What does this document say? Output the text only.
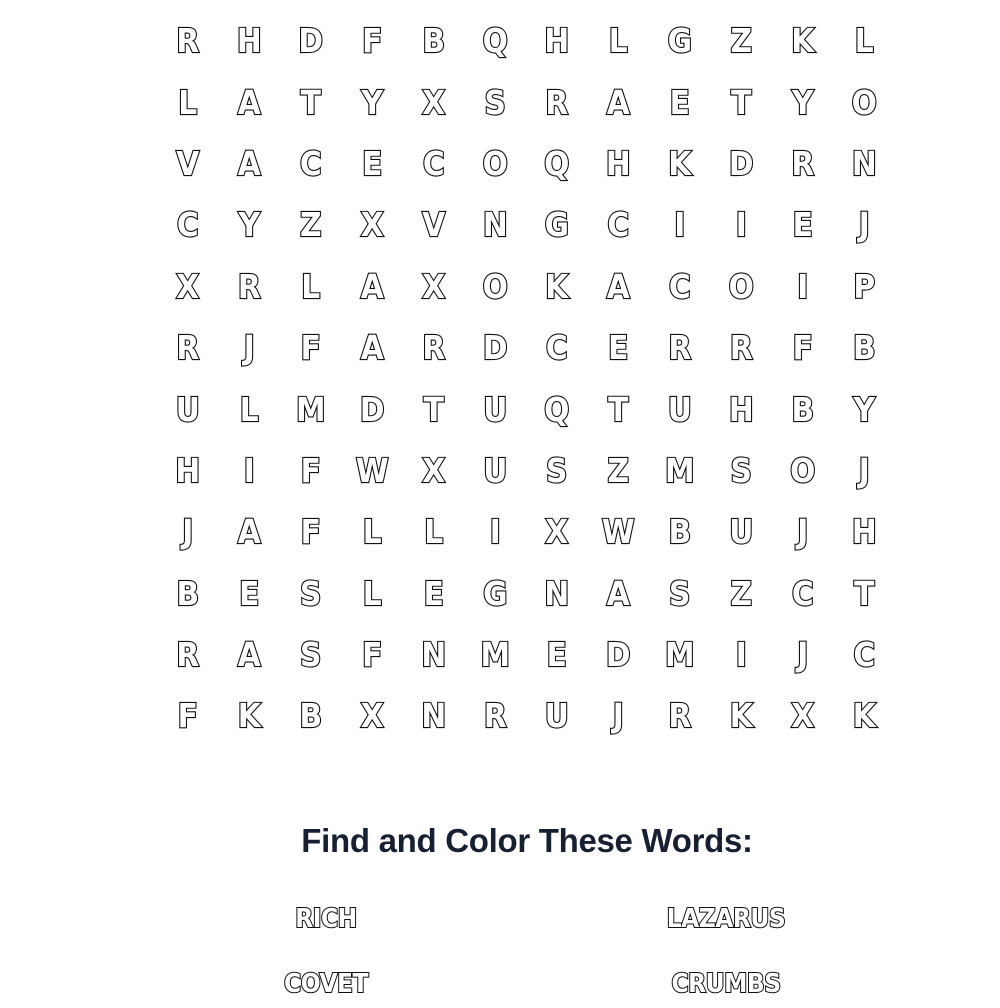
R	H	D	F	B	Q	H	L	G	Z	K	L
L	A	T	Y	X	S	R	A	E	T	Y	O
V	A	C	E	C	O	Q	H	K	D	R	N
C	Y	Z	X	V	N	G	C	I	I	E	J
X	R	L	A	X	O	K	A	C	O	I	P
R	J	F	A	R	D	C	E	R	R	F	B
U	L	M	D	T	U	Q	T	U	H	B	Y
H	I	F	W	X	U	S	Z	M	S	O	J
J	A	F	L	L	I	X	W	B	U	J	H
B	E	S	L	E	G	N	A	S	Z	C	T
R	A	S	F	N	M	E	D	M	I	J	C
F	K	B	X	N	R	U	J	R	K	X	K
Find and Color These Words:
RICH	LAZARUS
COVET	CRUMBS
